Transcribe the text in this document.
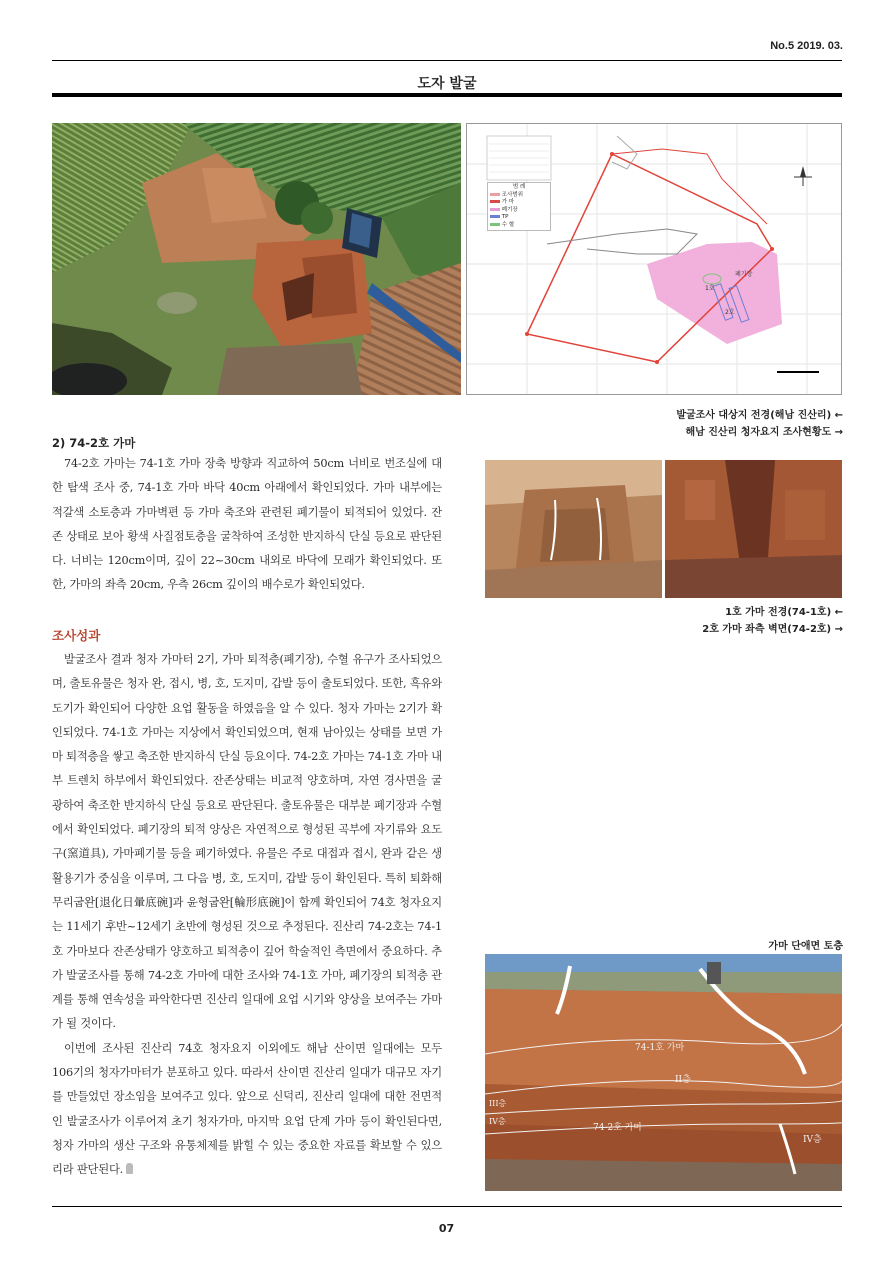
No.5 2019. 03.
도자 발굴
폐기장
1호
2호
범 례
조사범위
가 마
폐기장
TP
수 혈
발굴조사 대상지 전경(해남 진산리) ←
해남 진산리 청자요지 조사현황도 →
2) 74-2호 가마

74-2호 가마는 74-1호 가마 장축 방향과 직교하여 50cm 너비로 번조실에 대한 탐색 조사 중, 74-1호 가마 바닥 40cm 아래에서 확인되었다. 가마 내부에는 적갈색 소토층과 가마벽편 등 가마 축조와 관련된 폐기물이 퇴적되어 있었다. 잔존 상태로 보아 황색 사질점토층을 굴착하여 조성한 반지하식 단실 등요로 판단된다. 너비는 120cm이며, 깊이 22~30cm 내외로 바닥에 모래가 확인되었다. 또한, 가마의 좌측 20cm, 우측 26cm 깊이의 배수로가 확인되었다.

조사성과

발굴조사 결과 청자 가마터 2기, 가마 퇴적층(폐기장), 수혈 유구가 조사되었으며, 출토유물은 청자 완, 접시, 병, 호, 도지미, 갑발 등이 출토되었다. 또한, 흑유와 도기가 확인되어 다양한 요업 활동을 하였음을 알 수 있다. 청자 가마는 2기가 확인되었다. 74-1호 가마는 지상에서 확인되었으며, 현재 남아있는 상태를 보면 가마 퇴적층을 쌓고 축조한 반지하식 단실 등요이다. 74-2호 가마는 74-1호 가마 내부 트렌치 하부에서 확인되었다. 잔존상태는 비교적 양호하며, 자연 경사면을 굴광하여 축조한 반지하식 단실 등요로 판단된다. 출토유물은 대부분 폐기장과 수혈에서 확인되었다. 폐기장의 퇴적 양상은 자연적으로 형성된 곡부에 자기류와 요도구(窯道具), 가마폐기물 등을 폐기하였다. 유물은 주로 대접과 접시, 완과 같은 생활용기가 중심을 이루며, 그 다음 병, 호, 도지미, 갑발 등이 확인된다. 특히 퇴화해무리굽완[退化日暈底碗]과 윤형굽완[輪形底碗]이 함께 확인되어 74호 청자요지는 11세기 후반~12세기 초반에 형성된 것으로 추정된다. 진산리 74-2호는 74-1호 가마보다 잔존상태가 양호하고 퇴적층이 깊어 학술적인 측면에서 중요하다. 추가 발굴조사를 통해 74-2호 가마에 대한 조사와 74-1호 가마, 폐기장의 퇴적층 관계를 통해 연속성을 파악한다면 진산리 일대에 요업 시기와 양상을 보여주는 가마가 될 것이다.

이번에 조사된 진산리 74호 청자요지 이외에도 해남 산이면 일대에는 모두 106기의 청자가마터가 분포하고 있다. 따라서 산이면 진산리 일대가 대규모 자기를 만들었던 장소임을 보여주고 있다. 앞으로 신덕리, 진산리 일대에 대한 전면적인 발굴조사가 이루어져 초기 청자가마, 마지막 요업 단계 가마 등이 확인된다면, 청자 가마의 생산 구조와 유통체제를 밝힐 수 있는 중요한 자료를 확보할 수 있으리라 판단된다.

1호 가마 전경(74-1호) ←
2호 가마 좌측 벽면(74-2호) →
가마 단애면 토층
74-1호 가마
II층
III층
IV층
74-2호 가마
IV층
07
